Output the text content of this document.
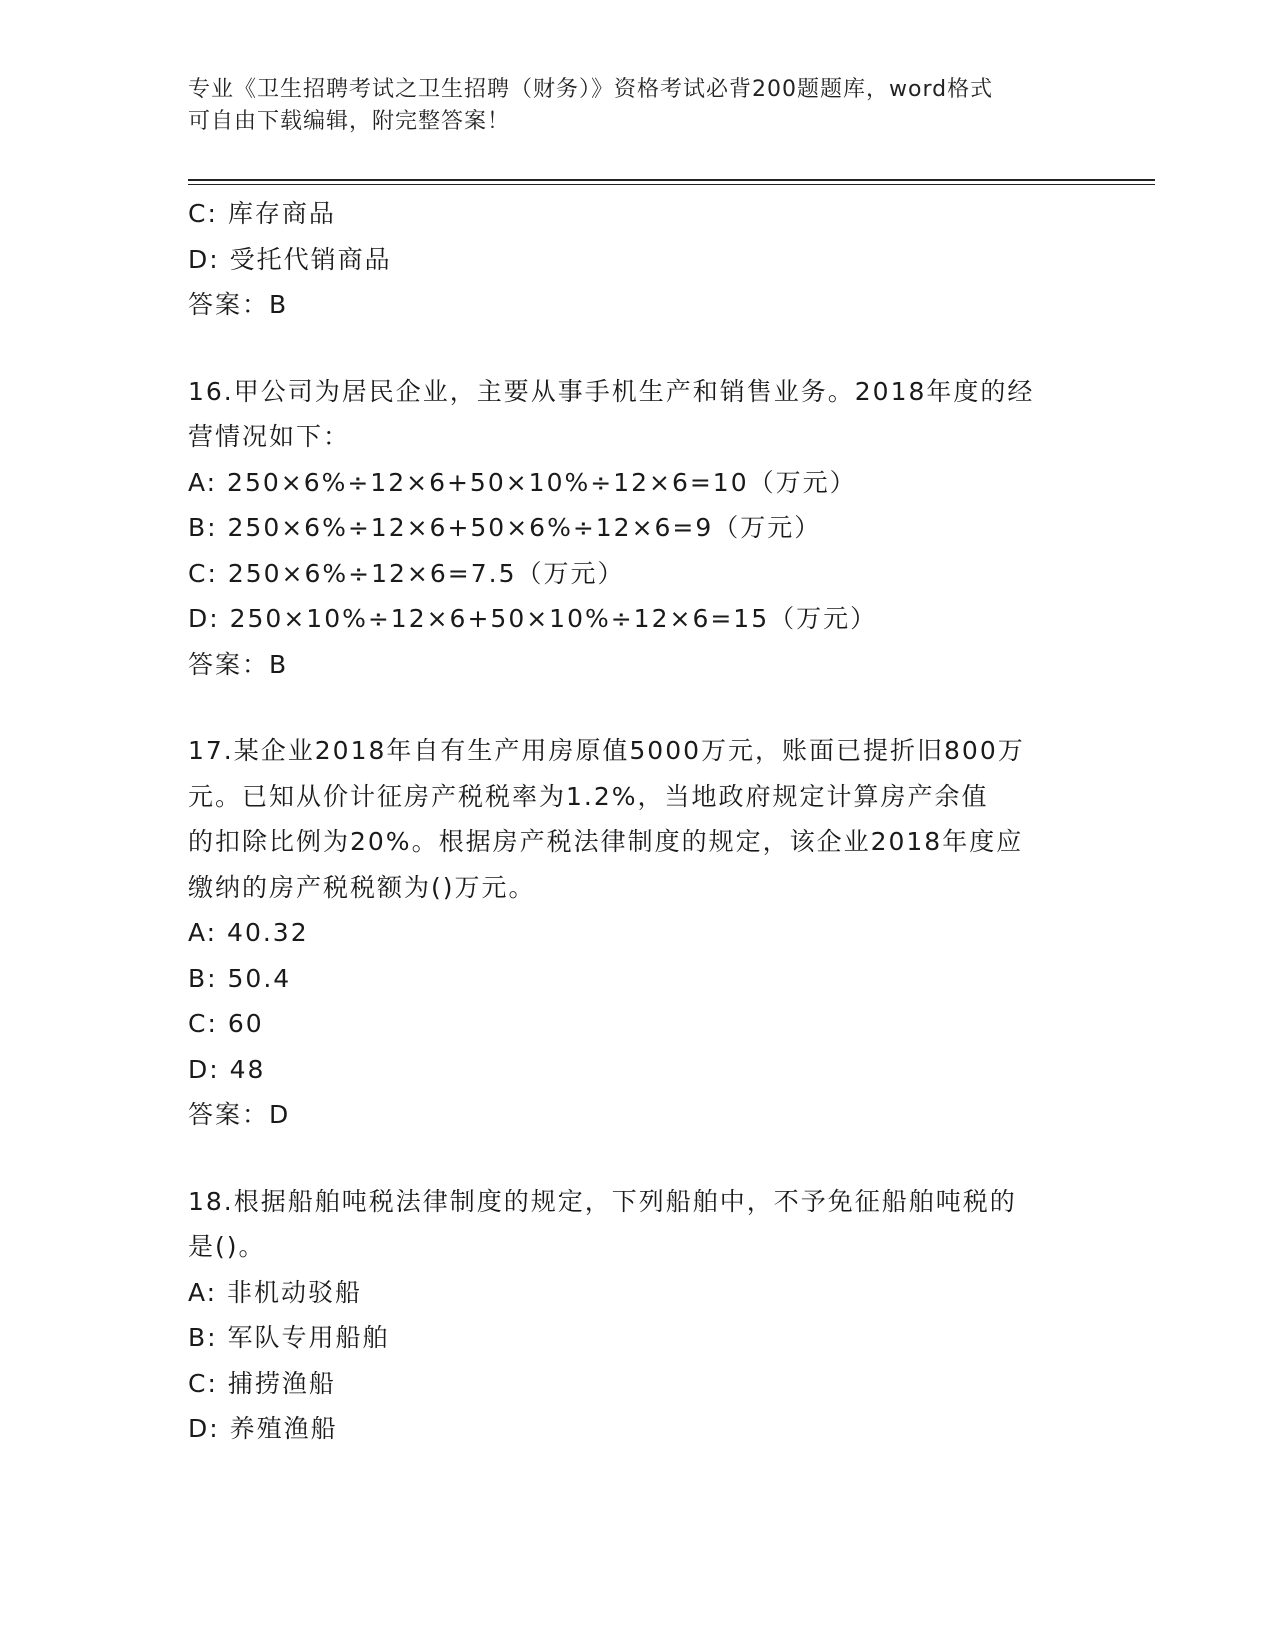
专业《卫生招聘考试之卫生招聘（财务）》资格考试必背200题题库，word格式
可自由下载编辑，附完整答案！
C: 库存商品
D: 受托代销商品
答案：B
16.甲公司为居民企业，主要从事手机生产和销售业务。2018年度的经
营情况如下：
A: 250×6%÷12×6+50×10%÷12×6=10（万元）
B: 250×6%÷12×6+50×6%÷12×6=9（万元）
C: 250×6%÷12×6=7.5（万元）
D: 250×10%÷12×6+50×10%÷12×6=15（万元）
答案：B
17.某企业2018年自有生产用房原值5000万元，账面已提折旧800万
元。已知从价计征房产税税率为1.2%，当地政府规定计算房产余值
的扣除比例为20%。根据房产税法律制度的规定，该企业2018年度应
缴纳的房产税税额为()万元。
A: 40.32
B: 50.4
C: 60
D: 48
答案：D
18.根据船舶吨税法律制度的规定，下列船舶中，不予免征船舶吨税的
是()。
A: 非机动驳船
B: 军队专用船舶
C: 捕捞渔船
D: 养殖渔船
